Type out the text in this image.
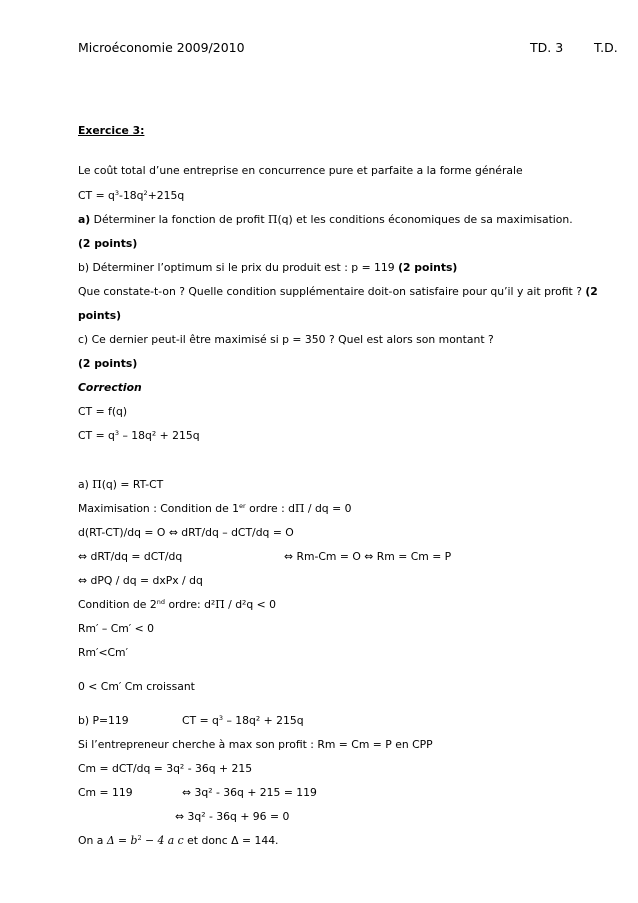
Microéconomie 2009/2010	TD. 3 T.D.
Exercice 3:
Le coût total d’une entreprise en concurrence pure et parfaite a la forme générale
CT = $q^3-18q^2+215q$
a) Déterminer la fonction de profit Π(q) et les conditions économiques de sa maximisation.
(2 points)
b) Déterminer l’optimum si le prix du produit est : p = 119 (2 points)
Que constate-t-on ? Quelle condition supplémentaire doit-on satisfaire pour qu’il y ait profit ? (2
points)
c) Ce dernier peut-il être maximisé si p = 350 ? Quel est alors son montant ?
(2 points)
Correction
CT = f(q)
CT = $q^3 - 18q^2 + 215q$
a) Π(q) = RT-CT
Maximisation : Condition de 1er ordre : dΠ / dq = 0
d(RT-CT)/dq = O ⇔ dRT/dq – dCT/dq = O
⇔ dRT/dq = dCT/dq	⇔ Rm-Cm = O ⇔ Rm = Cm = P
⇔ dPQ / dq = dxPx / dq
Condition de 2nd ordre: d²Π / d²q < 0
Rm′ – Cm′ < 0
Rm′<Cm′
0 < Cm′ Cm croissant
b) P=119	CT = $q^3 - 18q^2 + 215q$
Si l’entrepreneur cherche à max son profit : Rm = Cm = P en CPP
Cm = dCT/dq = 3q² - 36q + 215
Cm = 119	⇔ 3q² - 36q + 215 = 119
⇔ 3q² - 36q + 96 = 0
On a $\Delta = b^2 - 4$ a c et donc Δ = 144.
